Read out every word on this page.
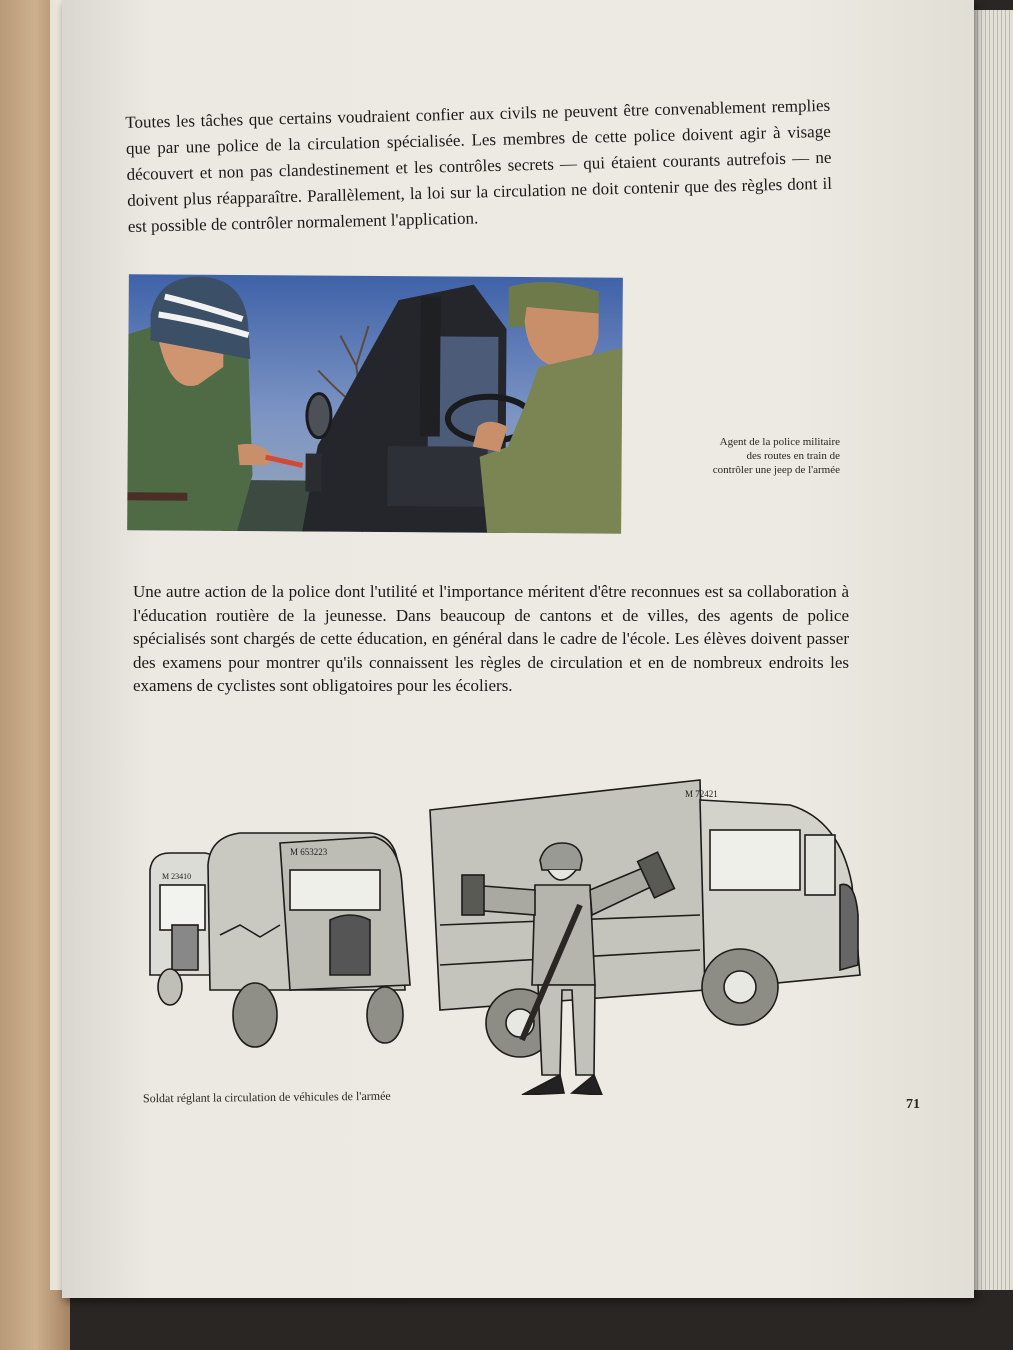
Toutes les tâches que certains voudraient confier aux civils ne peuvent être convenablement remplies que par une police de la circulation spécialisée. Les membres de cette police doivent agir à visage découvert et non pas clandestinement et les contrôles secrets — qui étaient courants autrefois — ne doivent plus réapparaître. Parallèlement, la loi sur la circulation ne doit contenir que des règles dont il est possible de contrôler normalement l'application.
Agent de la police militaire
des routes en train de
contrôler une jeep de l'armée
Une autre action de la police dont l'utilité et l'importance méritent d'être reconnues est sa collaboration à l'éducation routière de la jeunesse. Dans beaucoup de cantons et de villes, des agents de police spécialisés sont chargés de cette éducation, en général dans le cadre de l'école. Les élèves doivent passer des examens pour montrer qu'ils connaissent les règles de circulation et en de nombreux endroits les examens de cyclistes sont obligatoires pour les écoliers.
M 23410
M 653223
M 72421
Soldat réglant la circulation de véhicules de l'armée	71
